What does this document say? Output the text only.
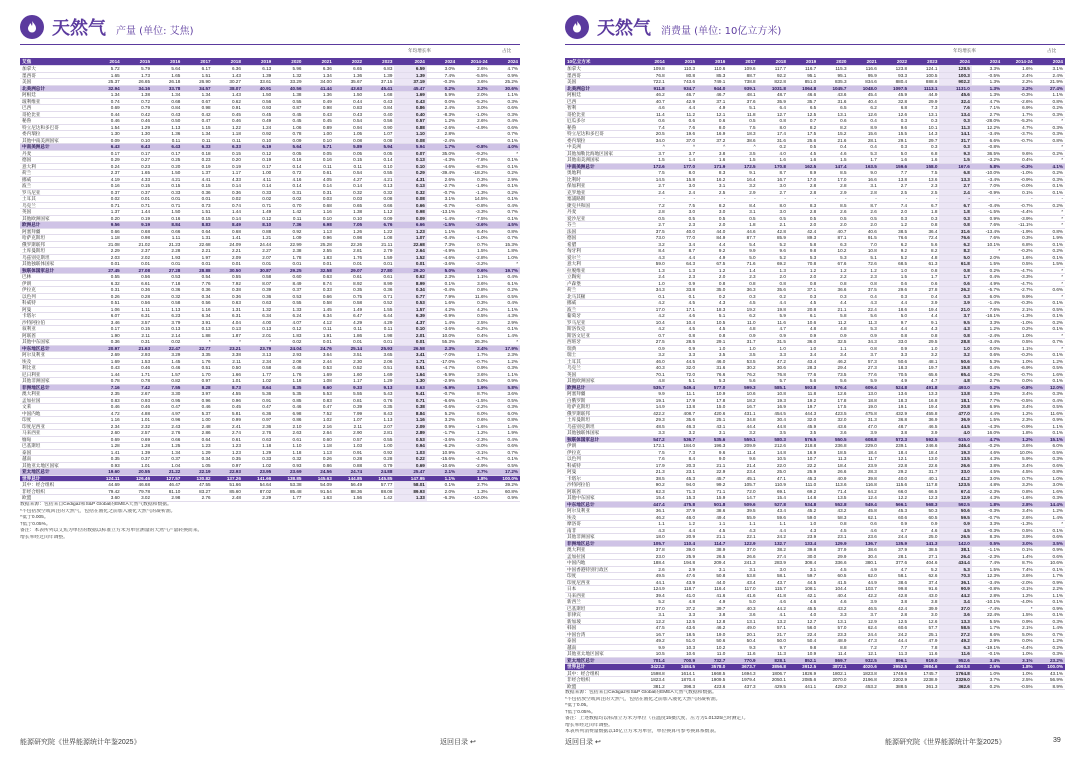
天然气 产量 (单位: 艾焦)
年均增长率	占比
艾焦	2014	2015	2016	2017	2018	2019	2020	2021	2022	2023	2024	2024	2014-24	2024
加拿大	5.72	5.79	5.64	6.17	6.36	6.13	5.96	6.36	6.65	6.83	6.59	3.0%	2.6%	4.7%
墨西哥	1.65	1.73	1.65	1.51	1.43	1.39	1.32	1.34	1.36	1.39	1.39	7.4%	-5.5%	0.9%
美国	25.37	26.65	26.18	26.90	30.27	33.61	33.29	34.00	35.67	37.15	37.19	-0.3%	3.6%	25.2%
北美洲总计	32.94	34.16	33.78	34.57	38.07	40.91	40.56	41.44	43.63	45.41	45.47	0.2%	3.2%	30.6%
阿根廷	1.34	1.38	1.34	1.34	1.43	1.50	1.38	1.36	1.50	1.68	1.69	5.9%	2.0%	1.1%
玻利维亚	0.74	0.72	0.68	0.67	0.62	0.56	0.55	0.49	0.44	0.43	0.43	0.0%	-5.2%	0.3%
巴西	0.69	0.79	0.84	0.98	0.91	0.93	0.87	0.98	0.83	0.84	0.86	2.4%	3.0%	0.6%
哥伦比亚	0.44	0.42	0.43	0.42	0.45	0.45	0.45	0.43	0.43	0.40	0.40	-8.3%	-1.0%	0.3%
秘鲁	0.46	0.46	0.50	0.47	0.46	0.49	0.45	0.45	0.54	0.56	0.57	1.2%	2.6%	0.4%
特立尼达和多巴哥	1.54	1.29	1.13	1.15	1.22	1.24	1.06	0.89	0.94	0.90	0.88	-2.6%	-4.9%	0.6%
委内瑞拉	1.30	1.30	1.36	1.34	1.18	0.92	0.78	1.00	1.05	1.07	1.10	2.8%		0.7%
其他中南美洲国家	0.09	0.10	0.11	0.11	0.11	0.10	0.09	0.10	0.08	0.08	0.08	-2.4%		0.1%
中南美洲总计	6.43	6.43	6.43	6.33	6.33	6.19	5.64	5.71	5.89	5.94	5.94	1.7%	-0.8%	4.0%
丹麦	0.17	0.17	0.17	0.18	0.15	0.12	0.05	0.05	0.05	0.05	0.07	35.0%	-9.2%	*
德国	0.29	0.27	0.25	0.23	0.20	0.19	0.16	0.16	0.15	0.14	0.13	-4.3%	-7.8%	0.1%
意大利	0.24	0.23	0.20	0.19	0.19	0.17	0.14	0.11	0.11	0.10	0.10	-4.6%	-8.3%	0.1%
荷兰	2.37	1.65	1.50	1.37	1.17	1.00	0.72	0.61	0.54	0.55	0.29	-39.4%	-18.2%	0.2%
挪威	4.19	4.33	4.21	4.41	4.33	4.11	4.16	4.05	4.27	4.21	4.31	2.6%	0.3%	2.9%
波兰	0.16	0.15	0.15	0.15	0.14	0.14	0.14	0.14	0.14	0.13	0.13	-2.7%	-1.9%	0.1%
罗马尼亚	0.37	0.37	0.33	0.36	0.36	0.33	0.31	0.31	0.32	0.32	0.32	-0.7%	-1.3%	0.2%
土耳其	0.02	0.01	0.01	0.01	0.02	0.02	0.02	0.03	0.03	0.08	0.08	3.1%	14.5%	0.1%
乌克兰	0.71	0.71	0.71	0.73	0.74	0.71	0.70	0.68	0.65	0.66	0.66	-0.7%	-0.8%	0.4%
英国	1.37	1.44	1.50	1.51	1.44	1.49	1.42	1.16	1.38	1.12	0.98	-13.1%	-3.3%	0.7%
其他欧洲国家	0.20	0.19	0.16	0.15	0.14	0.12	0.11	0.10	0.10	0.09	0.09	-1.4%	-7.5%	0.1%
欧洲总计	9.56	9.19	8.84	8.83	8.49	8.10	7.36	6.98	7.05	6.76	6.66	-1.5%	-3.6%	4.5%
阿塞拜疆	0.66	0.68	0.66	0.64	0.68	0.88	0.92	1.13	1.26	1.22	1.23	1.1%	6.4%	0.8%
哈萨克斯坦	1.18	0.98	1.11	1.31	1.41	1.21	1.09	0.96	0.98	1.08	1.07	-0.4%	-1.0%	0.7%
俄罗斯联邦	21.08	21.02	21.23	22.68	24.09	24.44	22.99	25.28	22.26	21.11	22.68	7.3%	0.7%	15.3%
土库曼斯坦	2.29	2.37	2.28	2.21	2.21	2.27	2.38	2.55	2.81	2.79	2.64	-4.9%	1.5%	1.8%
乌兹别克斯坦	2.03	2.02	1.93	1.97	2.09	2.07	1.78	1.83	1.76	1.59	1.52	-4.6%	-2.8%	1.0%
其他独联体国家	0.01	0.01	0.01	0.01	0.01	0.01	0.01	0.01	0.01	0.01	0.01	-3.6%	-3.2%	*
独联体国家总计	27.45	27.08	27.28	28.88	30.50	30.87	29.25	32.58	29.07	27.80	29.20	5.0%	0.6%	19.7%
巴林	0.55	0.56	0.53	0.54	0.55	0.58	0.60	0.63	0.61	0.61	0.62	2.3%	1.1%	0.4%
伊朗	6.32	6.61	7.18	7.76	7.92	8.07	8.49	8.74	8.92	8.99	8.99	0.1%	3.6%	6.1%
伊拉克	0.31	0.36	0.36	0.36	0.38	0.39	0.37	0.33	0.35	0.36	0.34	-0.4%	0.8%	0.2%
以色列	0.26	0.28	0.32	0.34	0.36	0.36	0.53	0.66	0.75	0.71	0.77	7.9%	11.6%	0.5%
科威特	0.51	0.56	0.58	0.56	0.63	0.63	0.55	0.58	0.58	0.52	0.53	1.6%	0.3%	0.4%
阿曼	1.06	1.11	1.13	1.16	1.31	1.32	1.33	1.45	1.49	1.55	1.57	4.2%	4.2%	1.1%
卡塔尔	6.07	6.31	6.23	6.34	6.31	6.34	6.24	6.34	6.47	6.44	6.39	-0.9%	0.5%	4.3%
沙特阿拉伯	3.46	3.57	3.79	3.91	4.04	4.00	4.07	4.12	4.29	4.29	4.37	1.4%	2.5%	2.9%
叙利亚	0.17	0.15	0.13	0.13	0.13	0.13	0.12	0.11	0.11	0.11	0.10	-3.6%	-5.2%	0.1%
阿联酋	1.90	2.11	2.14	1.88	1.87	2.01	1.83	1.91	1.86	1.98	2.01	10.0%	0.4%	1.4%
其他中东国家	0.36	0.31	0.02	*	*	*	0.02	0.01	0.01	0.01	0.01	55.3%	26.3%	*
中东地区总计	20.97	21.63	22.47	22.77	23.21	23.79	24.04	24.76	25.14	25.93	26.58	2.3%	2.4%	17.9%
阿尔及利亚	2.69	2.93	3.29	3.35	3.38	3.13	2.93	3.64	3.51	3.65	3.41	-7.0%	1.7%	2.3%
埃及	1.69	1.53	1.45	1.76	2.11	2.34	2.08	2.44	2.30	2.06	1.71	-17.0%	-0.7%	1.2%
利比亚	0.43	0.46	0.46	0.51	0.50	0.58	0.46	0.53	0.52	0.51	0.51	-4.7%	0.9%	0.3%
尼日利亚	1.44	1.71	1.57	1.70	1.66	1.77	1.76	1.69	1.60	1.69	1.64	-5.9%	3.6%	1.1%
其他非洲国家	0.78	0.78	0.82	0.97	1.01	1.02	1.18	1.08	1.17	1.29	1.30	-2.9%	5.0%	0.9%
非洲地区总计	7.16	7.42	7.55	8.28	8.73	8.64	8.35	9.60	9.33	9.13	8.63	-5.9%	1.9%	5.8%
澳大利亚	2.35	2.67	3.30	3.97	4.55	5.36	5.35	5.53	5.55	5.43	5.41	-0.7%	8.7%	3.6%
孟加拉国	0.83	0.93	0.95	0.96	0.96	0.91	0.85	0.83	0.81	0.76	0.71	-6.6%	-1.5%	0.5%
文莱	0.46	0.46	0.47	0.46	0.45	0.47	0.46	0.47	0.39	0.35	0.38	-0.6%	-2.2%	0.3%
中国内地	4.72	4.88	4.97	5.37	5.81	6.36	6.98	7.52	7.99	8.43	8.84	5.2%	6.0%	6.0%
印度	1.16	1.01	0.96	1.00	0.99	0.97	0.86	1.02	1.07	1.13	1.16	3.2%	0.6%	0.8%
印度尼西亚	2.34	2.32	2.43	2.48	2.41	2.36	2.10	2.16	2.11	2.07	2.09	0.9%	-1.6%	1.4%
马来西亚	2.60	2.57	2.76	2.86	2.74	2.76	2.63	2.64	2.90	2.81	2.89	-1.7%	1.2%	1.9%
缅甸	0.69	0.69	0.66	0.64	0.61	0.63	0.61	0.60	0.57	0.55	0.53	-3.6%	-2.3%	0.4%
巴基斯坦	1.28	1.28	1.25	1.23	1.23	1.18	1.10	1.18	1.03	1.00	0.94	-6.2%	-3.0%	0.6%
泰国	1.41	1.39	1.34	1.29	1.23	1.29	1.18	1.13	0.91	0.92	1.03	10.9%	-3.1%	0.7%
越南	0.35	0.37	0.37	0.34	0.35	0.33	0.32	0.26	0.28	0.28	0.22	-15.6%	-4.7%	0.1%
其他亚太地区国家	0.93	1.01	1.04	1.05	0.97	1.02	0.93	0.86	0.88	0.79	0.69	-10.6%	-2.9%	0.5%
亚太地区总计	19.60	20.55	21.22	22.19	22.93	23.95	23.69	24.56	24.74	24.88	25.47	2.1%	2.7%	17.2%
世界总计	124.11	126.46	127.57	130.82	137.26	141.66	138.85	145.63	144.85	145.85	147.95	1.1%	1.8%	100.0%
其中：经合组织	44.69	46.68	46.47	47.55	51.66	54.64	53.38	54.09	56.49	57.77	58.01	0.1%	2.7%	39.2%
非经合组织	79.42	79.78	81.10	83.27	85.60	87.02	85.48	91.54	88.36	88.08	89.93	2.0%	1.3%	60.8%
欧盟	3.60	3.02	2.98	2.76	2.48	2.29	1.77	1.63	1.56	1.42	1.33	-6.3%	-10.0%	0.9%
数据来源：包括来自Cedigaz和S&P Global的EMEA天然气数据和数据。
*不包括放空或回注的天然气，包括在液化之前加入液化天然气的凝析油。
^低于0.005。
†低于0.05%。
备注：本表所列以艾焦为单位的数据以标准立方米为单位测量的天然气产量转换而来。
增长率经过闰年调整。
能源研究院《世界能源统计年鉴2025》	返回目录 ↩
天然气 消费量 (单位: 10亿立方米)
年均增长率	占比
10亿立方米	2014	2015	2016	2017	2018	2019	2020	2021	2022	2023	2024	2024	2014-24	2024
加拿大	109.8	110.3	110.6	109.6	117.7	116.7	115.3	116.6	123.8	124.1	128.5	3.3%	1.6%	3.1%
墨西哥	76.8	80.8	85.3	88.7	92.2	95.1	95.1	95.9	93.3	100.5	100.3	-0.5%	2.4%	2.4%
美国	722.1	743.6	749.1	738.8	822.8	851.0	835.3	834.6	880.4	888.6	902.2	1.3%	2.2%	21.9%
北美洲总计	911.8	934.7	944.0	939.1	1031.8	1064.8	1045.7	1048.0	1097.5	1113.1	1131.0	1.3%	2.2%	27.4%
阿根廷	46.2	46.7	46.7	48.1	48.7	46.6	43.6	45.4	45.9	44.9	45.6	1.3%	-0.3%	1.1%
巴西	40.7	42.9	37.1	37.6	35.9	35.7	31.6	40.4	32.8	29.9	32.4	4.7%	-2.6%	0.8%
智利	4.6	4.4	4.9	5.1	6.4	6.5	6.5	6.2	6.8	7.3	7.6	7.1%	6.9%	0.2%
哥伦比亚	11.4	11.2	12.1	11.8	12.7	12.5	13.1	12.6	12.6	13.1	13.4	2.7%	1.7%	0.3%
厄瓜多尔	0.6	0.6	0.6	0.5	0.8	0.7	0.6	0.4	0.3	0.3	0.3	-28.0%	-5.2%	*
秘鲁	7.4	7.6	8.0	7.5	8.0	8.2	8.2	8.9	9.6	10.1	11.3	12.2%	4.7%	0.3%
特立尼达和多巴哥	20.5	19.6	16.9	18.3	17.4	17.5	15.2	15.6	15.5	14.3	14.1	-3.4%	-3.7%	0.3%
委内瑞拉	34.0	37.0	37.2	38.6	31.6	25.6	21.6	28.1	29.1	29.7	31.7	6.6%	-0.7%	0.8%
中美洲	^	^	^	^	0.2	0.5	0.4	0.4	0.3	0.3	0.3	-0.8%		*
其他加勒比海地区国家	3.7	3.7	3.8	3.5	4.0	4.5	4.6	5.3	5.0	6.8	9.3	36.5%	9.6%	0.2%
其他南美洲国家	1.5	1.4	1.6	1.5	1.6	1.6	1.5	1.7	1.6	1.6	1.5	-3.2%	0.4%	*
中南美洲总计	172.6	177.0	171.9	172.5	170.8	162.5	147.4	163.5	159.6	158.0	167.6	5.8%	-0.3%	4.1%
奥地利	7.5	8.0	8.3	9.1	8.7	8.9	8.5	9.0	7.7	7.5	6.8	-10.0%	-1.0%	0.2%
比利时	14.5	15.8	16.2	16.4	16.7	17.0	17.0	16.6	13.8	13.6	13.3	-3.4%	-0.9%	0.3%
保加利亚	2.7	3.0	3.1	3.2	3.0	2.8	2.8	3.1	2.7	2.3	2.7	7.0%	-0.0%	0.1%
克罗地亚	2.4	2.4	2.5	2.9	2.7	2.8	2.9	2.8	2.5	2.5	2.4	-0.9%	0.1%	0.1%
塞浦路斯	-	-	-	-	-	-	-	-	-	-	-	-	-	-
捷克共和国	7.2	7.5	8.2	8.4	8.0	8.3	8.5	8.7	7.4	6.7	6.7	-0.4%	-0.7%	0.2%
丹麦	2.8	3.0	3.0	3.1	3.0	2.8	2.6	2.6	2.0	1.8	1.8	-1.5%	-4.4%	*
爱沙尼亚	0.5	0.5	0.5	0.5	0.5	0.5	0.5	0.5	0.3	0.3	0.3	0.9%	-3.9%	*
芬兰	2.7	2.3	2.0	1.8	2.1	2.0	2.0	2.0	1.2	0.8	0.8	7.6%	-11.1%	*
法国	37.5	40.0	44.0	44.6	42.8	42.4	40.7	40.6	38.5	36.4	31.6	-13.4%	-1.9%	0.8%
德国	73.0	77.0	84.9	87.7	85.9	89.3	87.1	91.5	76.6	72.4	76.6	7.6%	0.3%	1.9%
希腊	3.2	3.4	4.4	5.4	5.2	5.8	6.3	7.0	6.2	5.6	6.2	10.1%	6.8%	0.1%
匈牙利	8.4	8.7	9.2	9.9	9.6	9.8	10.2	10.8	9.2	8.2	8.2	*	-0.2%	0.2%
爱尔兰	4.3	4.4	4.9	5.0	5.2	5.3	5.3	5.1	5.2	4.8	5.0	2.0%	1.6%	0.1%
意大利	59.0	64.3	67.5	71.6	69.2	70.8	67.6	72.6	68.5	61.3	61.8	1.5%	0.5%	1.5%
拉脱维亚	1.3	1.3	1.2	1.4	1.3	1.2	1.2	1.2	1.0	0.8	0.8	0.2%	-4.7%	*
立陶宛	2.4	2.3	2.0	2.3	2.0	2.0	2.2	2.3	1.5	1.7	1.7	0.4%	-3.3%	*
卢森堡	1.0	0.9	0.8	0.8	0.8	0.8	0.8	0.8	0.6	0.6	0.6	4.9%	-4.7%	*
荷兰	34.3	33.8	35.0	36.3	35.6	37.1	36.6	37.5	29.6	27.8	26.2	-5.7%	-2.7%	0.6%
北马其顿	0.1	0.1	0.2	0.3	0.2	0.3	0.3	0.4	0.3	0.4	0.3	6.0%	9.9%	*
挪威	4.2	4.5	4.3	4.5	4.4	4.5	4.4	4.3	4.4	3.9	3.9	-1.4%	-0.3%	0.1%
波兰	17.0	17.1	18.3	19.2	19.8	20.8	21.1	22.4	18.6	19.4	21.0	7.6%	2.1%	0.5%
葡萄牙	4.2	4.6	5.1	6.2	5.9	6.1	5.8	5.6	5.0	4.4	3.7	-16.1%	-1.3%	0.1%
罗马尼亚	10.4	10.4	10.5	11.0	11.6	10.6	11.2	11.3	9.7	9.1	9.5	3.3%	-1.0%	0.2%
斯洛伐克	4.2	4.5	4.5	4.8	4.7	4.8	4.8	5.3	4.4	4.3	4.3	1.2%	0.2%	0.1%
斯洛文尼亚	0.7	0.8	0.8	0.9	0.9	0.9	0.9	0.9	0.8	0.8	0.8	-2.4%	1.0%	*
西班牙	27.5	28.5	29.1	31.7	31.5	36.0	32.5	34.3	33.0	29.5	28.8	-3.4%	0.5%	0.7%
瑞典	0.9	0.9	1.0	1.0	1.0	1.0	1.1	0.8	0.9	1.0	1.0	0.0%	1.1%	*
瑞士	3.2	3.3	3.5	3.5	3.3	3.4	3.4	3.7	3.3	3.2	3.2	0.6%	-0.2%	0.1%
土耳其	46.0	44.5	46.0	53.5	47.2	43.4	46.2	57.3	50.6	48.1	50.6	5.3%	1.0%	1.2%
乌克兰	40.3	32.0	31.6	30.2	30.6	28.3	29.4	27.3	18.3	19.7	19.8	0.4%	-6.9%	0.5%
英国	70.1	72.0	76.6	76.2	76.8	77.6	73.5	77.6	70.5	65.6	65.4	-0.2%	-0.7%	1.6%
其他欧洲国家	4.8	5.1	5.3	5.6	5.7	5.6	5.6	5.9	4.9	4.7	4.8	2.7%	0.0%	0.1%
欧洲总计	535.7	549.4	577.0	599.3	585.1	593.8	576.4	609.4	524.8	491.8	493.0	0.2%	-0.8%	12.0%
阿塞拜疆	9.9	11.1	10.9	10.6	10.8	11.8	12.6	13.0	13.6	13.3	13.8	3.3%	3.4%	0.3%
白俄罗斯	19.1	17.9	17.8	18.2	19.3	19.2	17.8	18.8	18.3	16.8	18.1	7.7%	-0.5%	0.4%
哈萨克斯坦	14.9	13.8	15.0	16.7	16.9	19.7	17.5	19.0	19.1	19.4	20.8	6.9%	3.4%	0.5%
俄罗斯联邦	422.2	408.7	420.6	431.1	454.5	444.3	423.5	475.8	432.9	455.8	477.0	4.4%	1.2%	11.6%
土库曼斯坦	29.3	35.6	25.1	34.8	30.4	32.0	32.0	31.3	36.8	36.9	36.9	1.5%	2.3%	0.9%
乌兹别克斯坦	48.5	46.3	43.1	44.4	44.8	45.9	43.6	47.0	48.7	46.5	44.5	-4.3%	-0.9%	1.1%
其他独联体国家	3.3	3.2	3.1	3.2	3.5	3.5	3.6	3.9	3.8	3.9	4.0	16.0%	1.8%	0.1%
独联体国家总计	547.2	536.7	535.6	559.1	580.3	576.5	550.5	608.8	572.3	592.5	615.0	4.7%	1.2%	15.1%
伊朗	172.1	184.0	196.3	209.9	212.6	218.8	236.8	229.0	239.1	246.6	246.4	-0.2%	3.6%	6.0%
伊拉克	7.5	7.3	9.6	11.4	14.8	16.9	18.5	18.4	18.4	18.4	19.3	4.6%	10.0%	0.5%
以色列	7.6	8.4	9.0	9.6	10.5	10.7	11.3	11.7	12.1	13.0	13.5	4.3%	5.9%	0.3%
科威特	17.9	20.3	21.1	21.4	22.0	22.2	18.4	23.9	22.8	22.6	26.6	3.8%	3.4%	0.6%
阿曼	21.3	23.1	22.9	23.4	25.0	25.9	26.6	28.3	29.2	31.7	33.0	4.5%	4.5%	0.8%
卡塔尔	38.5	45.3	45.7	45.1	47.1	45.3	40.9	39.8	40.0	40.1	41.2	3.0%	0.7%	1.0%
沙特阿拉伯	90.2	94.0	99.2	105.7	110.9	111.0	113.6	116.8	115.6	117.8	123.5	4.8%	3.2%	3.0%
阿联酋	62.3	71.3	71.1	72.0	69.1	69.2	71.4	64.2	66.0	66.5	67.4	-2.3%	0.8%	1.6%
其他中东国家	15.4	15.3	15.9	14.7	15.4	14.8	13.5	12.4	12.2	12.3	12.9	4.3%	-1.6%	0.3%
中东地区总计	447.4	475.8	501.8	509.6	527.8	534.8	552.8	549.4	566.1	568.3	592.5	1.8%	2.8%	14.4%
阿尔及利亚	36.1	37.9	38.6	39.5	43.4	45.2	43.2	45.8	45.3	50.3	50.6	-0.3%	3.4%	1.2%
埃及	46.2	46.0	49.4	55.9	59.6	59.0	58.3	62.1	60.6	60.5	59.5	-0.7%	2.6%	1.4%
摩洛哥	1.1	1.2	1.1	1.1	1.1	1.0	0.8	0.6	0.9	0.9	0.9	3.3%	-1.3%	*
南非	4.3	4.4	4.5	4.3	4.4	4.3	4.5	4.6	4.7	4.6	4.5	-0.3%	0.5%	0.1%
其他非洲国家	18.0	20.9	21.1	22.1	24.2	23.9	23.1	23.6	24.4	25.0	26.5	8.3%	3.9%	0.6%
非洲地区总计	105.7	110.4	114.7	122.9	132.7	133.4	129.9	136.7	135.9	141.3	142.0	0.5%	3.0%	3.5%
澳大利亚	37.8	39.0	38.9	37.0	38.2	39.8	37.9	38.6	37.9	38.5	38.1	-1.1%	0.1%	0.9%
孟加拉国	23.0	25.9	26.5	26.6	27.4	30.0	29.9	30.4	28.1	27.1	26.4	-2.3%	1.4%	0.6%
中国内地	188.4	194.8	209.4	241.3	283.9	308.4	336.6	380.1	377.6	404.6	434.4	7.4%	8.7%	10.6%
中国香港特别行政区	2.6	2.9	3.1	3.1	3.0	3.1	4.5	4.9	4.7	5.2	5.3	1.5%	7.4%	0.1%
印度	49.5	47.6	50.8	53.8	58.1	59.7	60.5	62.0	58.1	62.6	70.3	12.3%	3.6%	1.7%
印度尼西亚	44.1	43.9	44.0	43.4	43.7	44.5	41.5	44.9	38.6	37.4	36.1	-3.4%	-2.0%	0.9%
日本	124.9	118.7	116.4	117.0	115.7	108.1	104.4	103.7	99.8	91.6	90.9	-0.8%	-3.1%	2.2%
马来西亚	39.4	41.0	41.6	41.6	41.8	42.1	40.4	42.2	42.8	43.0	44.2	2.8%	1.2%	1.1%
新西兰	5.2	4.8	4.9	5.0	4.6	4.6	4.6	3.9	3.8	3.8	3.4	-10.1%	-4.0%	0.1%
巴基斯坦	37.0	37.2	39.7	40.3	44.2	45.5	43.2	46.5	42.4	39.9	37.0	-7.4%	*	0.9%
菲律宾	3.1	3.3	3.8	3.6	4.1	4.0	3.3	3.7	2.8	3.0	3.6	22.4%	1.5%	0.1%
新加坡	12.2	12.5	12.8	13.1	13.2	12.7	13.1	12.9	12.5	12.6	13.3	5.5%	0.9%	0.3%
韩国	47.5	43.6	46.2	49.0	57.1	56.0	57.0	62.4	60.6	57.7	58.5	1.7%	2.1%	1.4%
中国台湾	16.7	18.5	19.0	20.1	21.7	22.4	23.3	24.4	24.2	25.1	27.2	8.6%	5.0%	0.7%
泰国	49.2	51.0	50.6	50.4	50.0	50.4	48.9	47.3	44.4	47.9	49.2	2.9%	0.0%	1.2%
越南	9.9	10.3	10.2	9.3	9.7	9.8	8.8	7.2	7.7	7.8	6.3	-19.1%	-4.4%	0.2%
其他亚太地区国家	10.5	10.6	11.0	11.6	11.3	10.9	11.4	12.1	11.3	11.6	11.6	-0.1%	1.0%	0.3%
亚太地区总计	701.4	700.9	732.7	770.9	828.1	852.1	869.7	932.5	896.1	919.0	952.6	3.4%	3.1%	23.2%
世界总计	3422.2	3484.5	3578.0	3673.7	3856.8	3912.5	3872.1	4020.6	3952.5	3984.6	4093.8	2.5%	1.8%	100.0%
其中：经合组织	1598.8	1614.1	1668.5	1694.3	1806.7	1826.9	1802.1	1823.8	1749.6	1745.7	1764.8	1.0%	1.0%	43.1%
非经合组织	1823.4	1870.4	1909.5	1979.4	2050.1	2085.6	2070.0	2196.8	2202.9	2238.9	2329.0	3.7%	2.5%	56.9%
欧盟	381.2	398.3	423.6	437.3	429.5	441.1	429.2	453.2	388.5	361.3	362.6	0.2%	-0.5%	8.9%
数据来源：包括来自Cedigaz和S&P Global的EMEA天然气数据和数据。
*不包括放空或回注的天然气，包括在液化之前加入液化天然气的凝析油。
^低于0.05。
†低于0.05%。
备注：上述数据均以标准立方米为单位（在温度15摄氏度、压力为1.01325巴时测定）。
增长率经过闰年调整。
本表所列消费量数据以10亿立方米为单位，单位换算可参考换算系数表。
返回目录 ↩	能源研究院《世界能源统计年鉴2025》	39
